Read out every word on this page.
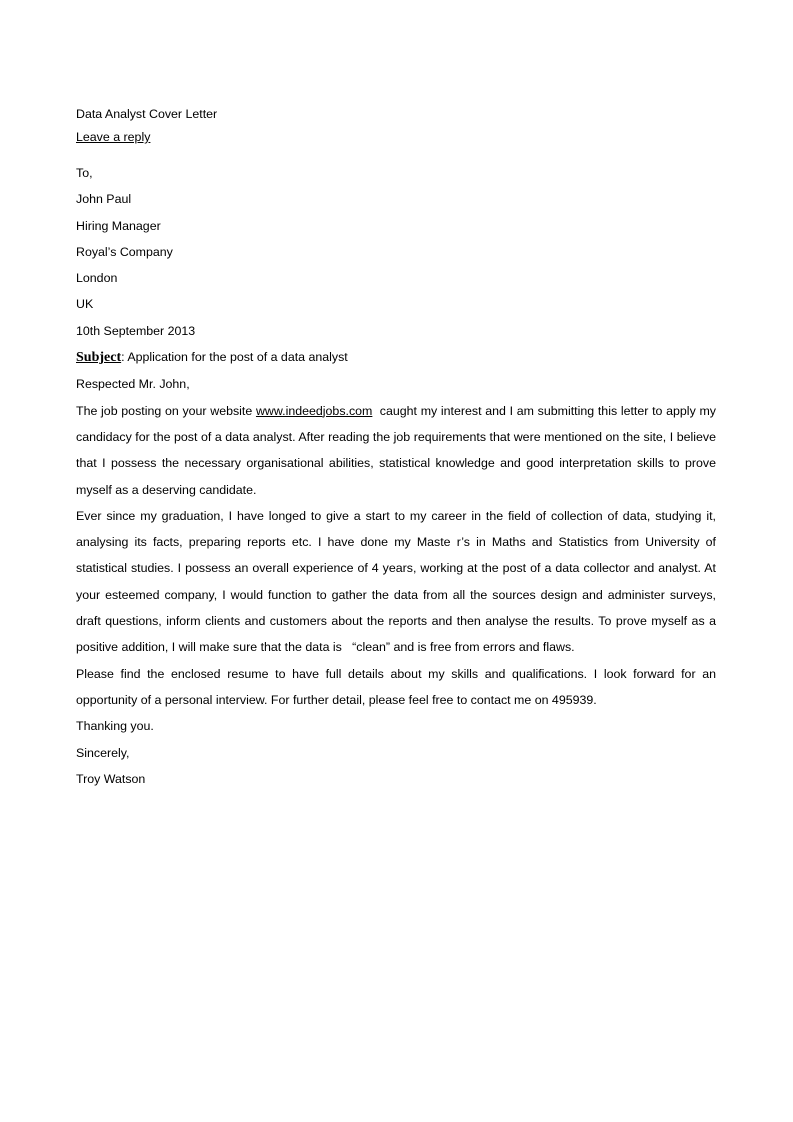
Data Analyst Cover Letter
Leave a reply
To,
John Paul
Hiring Manager
Royal’s Company
London
UK
10th September 2013
Subject: Application for the post of a data analyst
Respected Mr. John,
The job posting on your website www.indeedjobs.com  caught my interest and I am submitting this letter to apply my candidacy for the post of a data analyst. After reading the job requirements that were mentioned on the site, I believe that I possess the necessary organisational abilities, statistical knowledge and good interpretation skills to prove myself as a deserving candidate.
Ever since my graduation, I have longed to give a start to my career in the field of collection of data, studying it, analysing its facts, preparing reports etc. I have done my Maste r’s in Maths and Statistics from University of statistical studies. I possess an overall experience of 4 years, working at the post of a data collector and analyst. At your esteemed company, I would function to gather the data from all the sources design and administer surveys, draft questions, inform clients and customers about the reports and then analyse the results. To prove myself as a positive addition, I will make sure that the data is   “clean” and is free from errors and flaws.
Please find the enclosed resume to have full details about my skills and qualifications. I look forward for an opportunity of a personal interview. For further detail, please feel free to contact me on 495939.
Thanking you.
Sincerely,
Troy Watson
